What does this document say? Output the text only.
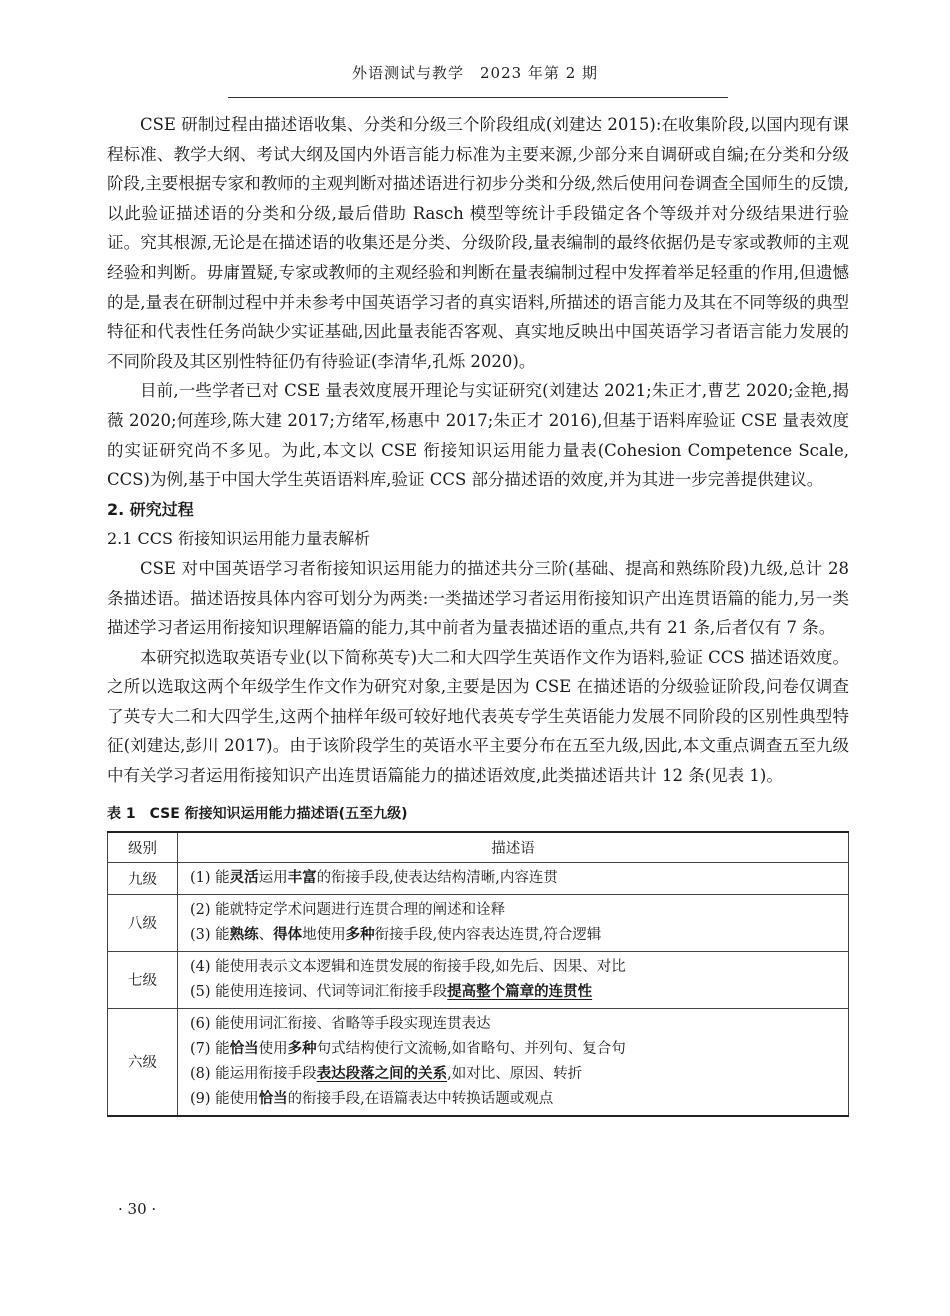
外语测试与教学　2023 年第 2 期

CSE 研制过程由描述语收集、分类和分级三个阶段组成(刘建达 2015):在收集阶段,以国内现有课程标准、教学大纲、考试大纲及国内外语言能力标准为主要来源,少部分来自调研或自编;在分类和分级阶段,主要根据专家和教师的主观判断对描述语进行初步分类和分级,然后使用问卷调查全国师生的反馈,以此验证描述语的分类和分级,最后借助 Rasch 模型等统计手段锚定各个等级并对分级结果进行验证。究其根源,无论是在描述语的收集还是分类、分级阶段,量表编制的最终依据仍是专家或教师的主观经验和判断。毋庸置疑,专家或教师的主观经验和判断在量表编制过程中发挥着举足轻重的作用,但遗憾的是,量表在研制过程中并未参考中国英语学习者的真实语料,所描述的语言能力及其在不同等级的典型特征和代表性任务尚缺少实证基础,因此量表能否客观、真实地反映出中国英语学习者语言能力发展的不同阶段及其区别性特征仍有待验证(李清华,孔烁 2020)。

目前,一些学者已对 CSE 量表效度展开理论与实证研究(刘建达 2021;朱正才,曹艺 2020;金艳,揭薇 2020;何莲珍,陈大建 2017;方绪军,杨惠中 2017;朱正才 2016),但基于语料库验证 CSE 量表效度的实证研究尚不多见。为此,本文以 CSE 衔接知识运用能力量表(Cohesion Competence Scale, CCS)为例,基于中国大学生英语语料库,验证 CCS 部分描述语的效度,并为其进一步完善提供建议。

2. 研究过程
2.1 CCS 衔接知识运用能力量表解析

CSE 对中国英语学习者衔接知识运用能力的描述共分三阶(基础、提高和熟练阶段)九级,总计 28 条描述语。描述语按具体内容可划分为两类:一类描述学习者运用衔接知识产出连贯语篇的能力,另一类描述学习者运用衔接知识理解语篇的能力,其中前者为量表描述语的重点,共有 21 条,后者仅有 7 条。

本研究拟选取英语专业(以下简称英专)大二和大四学生英语作文作为语料,验证 CCS 描述语效度。之所以选取这两个年级学生作文作为研究对象,主要是因为 CSE 在描述语的分级验证阶段,问卷仅调查了英专大二和大四学生,这两个抽样年级可较好地代表英专学生英语能力发展不同阶段的区别性典型特征(刘建达,彭川 2017)。由于该阶段学生的英语水平主要分布在五至九级,因此,本文重点调查五至九级中有关学习者运用衔接知识产出连贯语篇能力的描述语效度,此类描述语共计 12 条(见表 1)。

表 1　CSE 衔接知识运用能力描述语(五至九级)
级别	描述语
九级	(1) 能灵活运用丰富的衔接手段,使表达结构清晰,内容连贯

八级	(2) 能就特定学术问题进行连贯合理的阐述和诠释
(3) 能熟练、得体地使用多种衔接手段,使内容表达连贯,符合逻辑

七级	(4) 能使用表示文本逻辑和连贯发展的衔接手段,如先后、因果、对比
(5) 能使用连接词、代词等词汇衔接手段提高整个篇章的连贯性

六级	(6) 能使用词汇衔接、省略等手段实现连贯表达
(7) 能恰当使用多种句式结构使行文流畅,如省略句、并列句、复合句
(8) 能运用衔接手段表达段落之间的关系,如对比、原因、转折
(9) 能使用恰当的衔接手段,在语篇表达中转换话题或观点
· 30 ·
